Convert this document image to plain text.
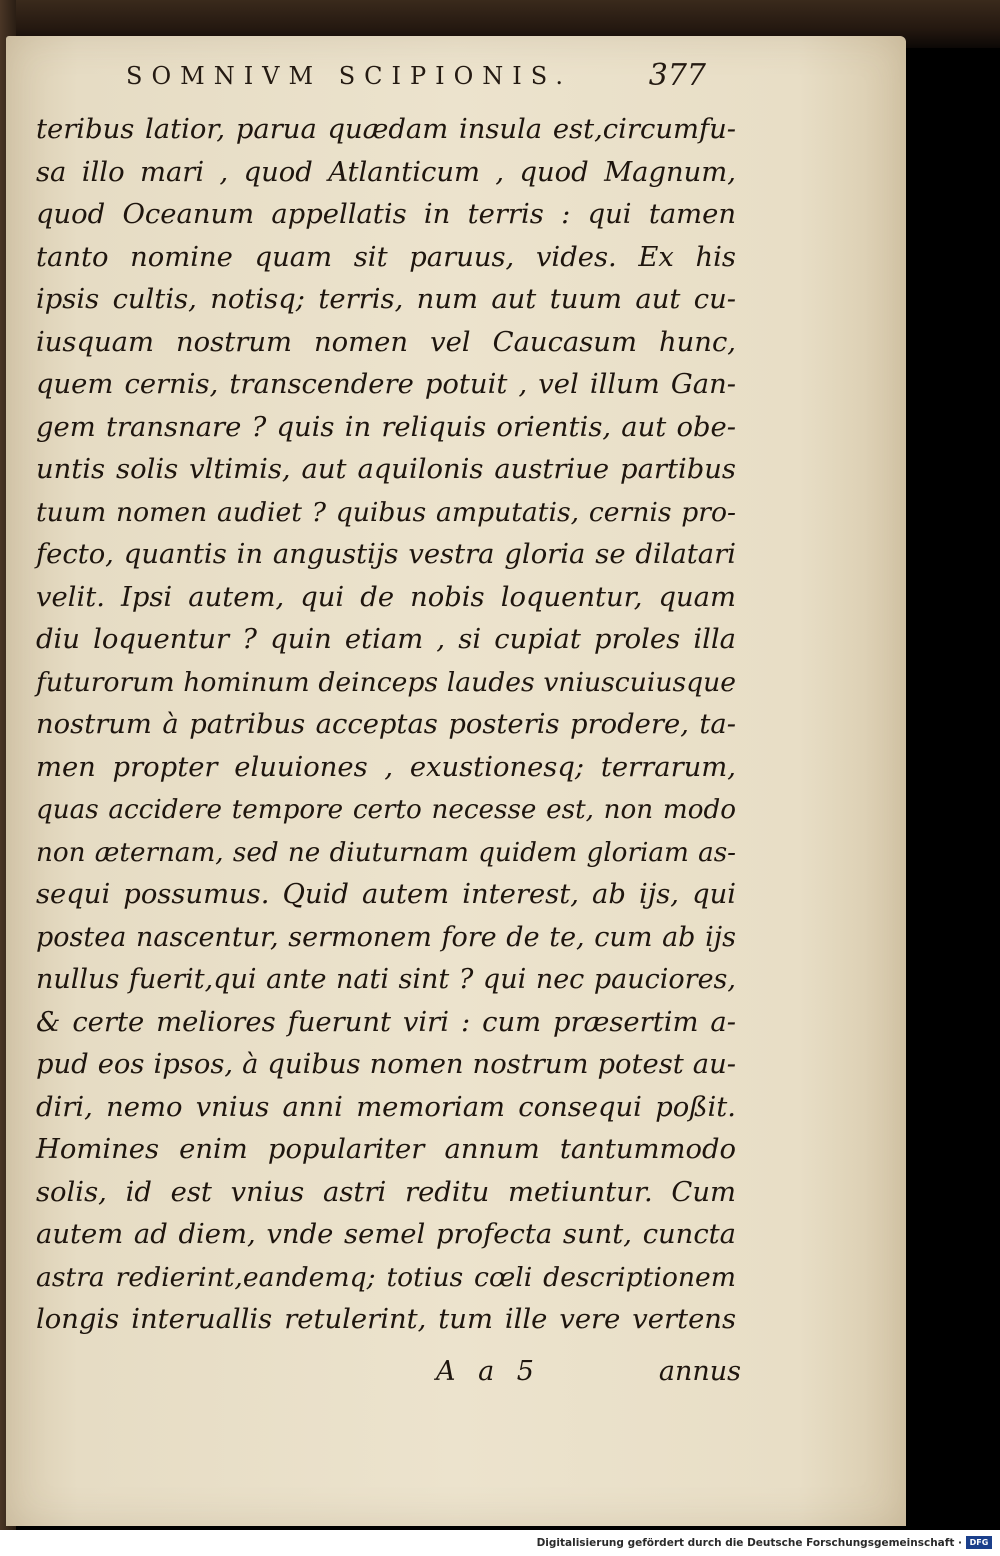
SOMNIVM SCIPIONIS.	377
teribus latior, parua quædam insula est,circumfu-
sa illo mari , quod Atlanticum , quod Magnum,
quod Oceanum appellatis in terris : qui tamen
tanto nomine quam sit paruus, vides. Ex his
ipsis cultis, notisq; terris, num aut tuum aut cu-
iusquam nostrum nomen vel Caucasum hunc,
quem cernis, transcendere potuit , vel illum Gan-
gem transnare ? quis in reliquis orientis, aut obe-
untis solis vltimis, aut aquilonis austriue partibus
tuum nomen audiet ? quibus amputatis, cernis pro-
fecto, quantis in angustijs vestra gloria se dilatari
velit. Ipsi autem, qui de nobis loquentur, quam
diu loquentur ? quin etiam , si cupiat proles illa
futurorum hominum deinceps laudes vniuscuiusque
nostrum à patribus acceptas posteris prodere, ta-
men propter eluuiones , exustionesq; terrarum,
quas accidere tempore certo necesse est, non modo
non æternam, sed ne diuturnam quidem gloriam as-
sequi possumus. Quid autem interest, ab ijs, qui
postea nascentur, sermonem fore de te, cum ab ijs
nullus fuerit,qui ante nati sint ? qui nec pauciores,
& certe meliores fuerunt viri : cum præsertim a-
pud eos ipsos, à quibus nomen nostrum potest au-
diri, nemo vnius anni memoriam consequi poßit.
Homines enim populariter annum tantummodo
solis, id est vnius astri reditu metiuntur. Cum
autem ad diem, vnde semel profecta sunt, cuncta
astra redierint,eandemq; totius cœli descriptionem
longis interuallis retulerint, tum ille vere vertens
A a 5	annus
Digitalisierung gefördert durch die Deutsche Forschungsgemeinschaft · DFG
